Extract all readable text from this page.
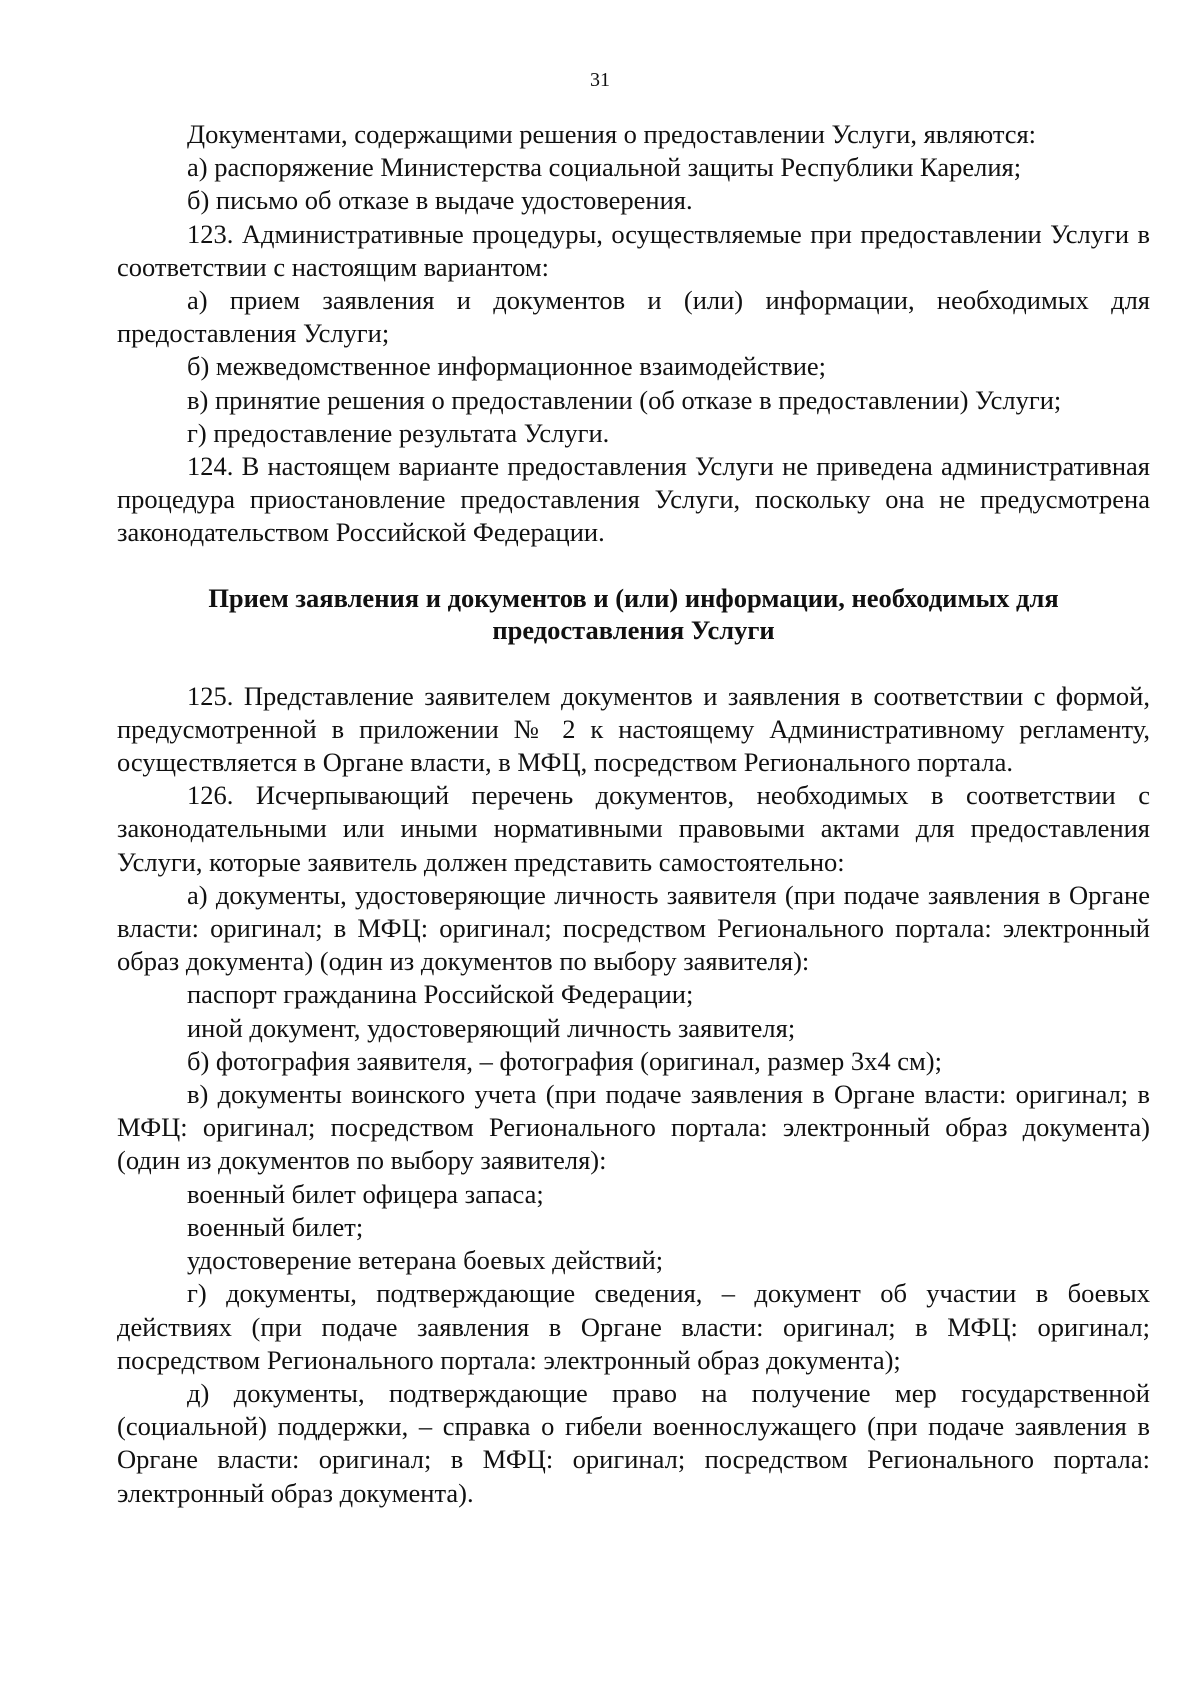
31

Документами, содержащими решения о предоставлении Услуги, являются:

а) распоряжение Министерства социальной защиты Республики Карелия;

б) письмо об отказе в выдаче удостоверения.

123. Административные процедуры, осуществляемые при предоставлении Услуги в соответствии с настоящим вариантом:

а) прием заявления и документов и (или) информации, необходимых для предоставления Услуги;

б) межведомственное информационное взаимодействие;

в) принятие решения о предоставлении (об отказе в предоставлении) Услуги;

г) предоставление результата Услуги.

124. В настоящем варианте предоставления Услуги не приведена административная процедура приостановление предоставления Услуги, поскольку она не предусмотрена законодательством Российской Федерации.

Прием заявления и документов и (или) информации, необходимых для
предоставления Услуги

125. Представление заявителем документов и заявления в соответствии с формой, предусмотренной в приложении № 2 к настоящему Административному регламенту, осуществляется в Органе власти, в МФЦ, посредством Регионального портала.

126. Исчерпывающий перечень документов, необходимых в соответствии с законодательными или иными нормативными правовыми актами для предоставления Услуги, которые заявитель должен представить самостоятельно:

а) документы, удостоверяющие личность заявителя (при подаче заявления в Органе власти: оригинал; в МФЦ: оригинал; посредством Регионального портала: электронный образ документа) (один из документов по выбору заявителя):

паспорт гражданина Российской Федерации;

иной документ, удостоверяющий личность заявителя;

б) фотография заявителя, – фотография (оригинал, размер 3x4 см);

в) документы воинского учета (при подаче заявления в Органе власти: оригинал; в МФЦ: оригинал; посредством Регионального портала: электронный образ документа) (один из документов по выбору заявителя):

военный билет офицера запаса;

военный билет;

удостоверение ветерана боевых действий;

г) документы, подтверждающие сведения, – документ об участии в боевых действиях (при подаче заявления в Органе власти: оригинал; в МФЦ: оригинал; посредством Регионального портала: электронный образ документа);

д) документы, подтверждающие право на получение мер государственной (социальной) поддержки, – справка о гибели военнослужащего (при подаче заявления в Органе власти: оригинал; в МФЦ: оригинал; посредством Регионального портала: электронный образ документа).
